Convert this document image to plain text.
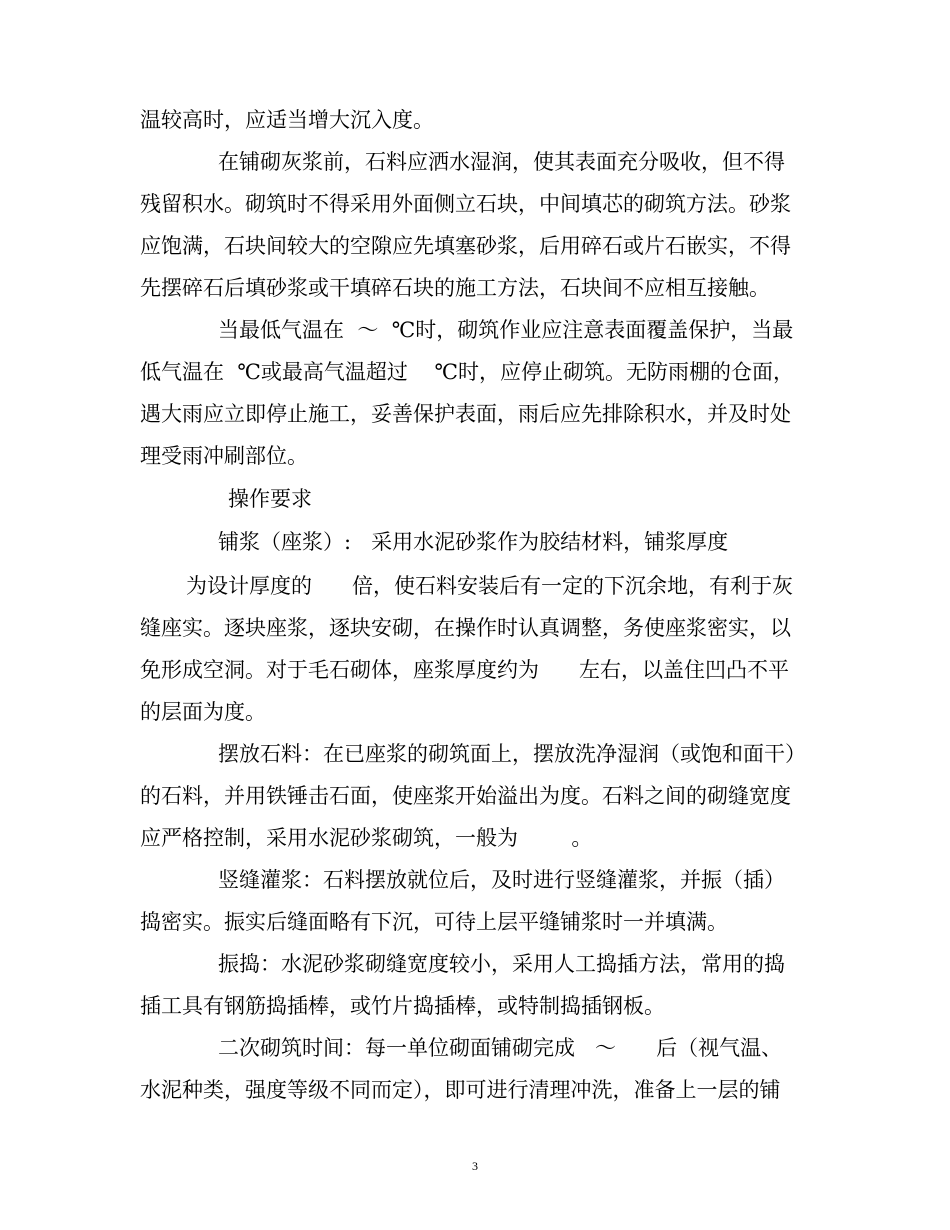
温较高时，应适当增大沉入度。
在铺砌灰浆前，石料应洒水湿润，使其表面充分吸收，但不得
残留积水。砌筑时不得采用外面侧立石块，中间填芯的砌筑方法。砂浆
应饱满，石块间较大的空隙应先填塞砂浆，后用碎石或片石嵌实，不得
先摆碎石后填砂浆或干填碎石块的施工方法，石块间不应相互接触。
当最低气温在  ～  ℃时，砌筑作业应注意表面覆盖保护，当最
低气温在  ℃或最高气温超过    ℃时，应停止砌筑。无防雨棚的仓面，
遇大雨应立即停止施工，妥善保护表面，雨后应先排除积水，并及时处
理受雨冲刷部位。
操作要求
铺浆（座浆）:   采用水泥砂浆作为胶结材料，铺浆厚度
为设计厚度的      倍，使石料安装后有一定的下沉余地，有利于灰
缝座实。逐块座浆，逐块安砌，在操作时认真调整，务使座浆密实，以
免形成空洞。对于毛石砌体，座浆厚度约为      左右，以盖住凹凸不平
的层面为度。
摆放石料：在已座浆的砌筑面上，摆放洗净湿润（或饱和面干）
的石料，并用铁锤击石面，使座浆开始溢出为度。石料之间的砌缝宽度
应严格控制，采用水泥砂浆砌筑，一般为        。
竖缝灌浆：石料摆放就位后，及时进行竖缝灌浆，并振（插）
捣密实。振实后缝面略有下沉，可待上层平缝铺浆时一并填满。
振捣：水泥砂浆砌缝宽度较小，采用人工捣插方法，常用的捣
插工具有钢筋捣插棒，或竹片捣插棒，或特制捣插钢板。
二次砌筑时间：每一单位砌面铺砌完成   ～      后（视气温、
水泥种类，强度等级不同而定），即可进行清理冲洗，准备上一层的铺
3
